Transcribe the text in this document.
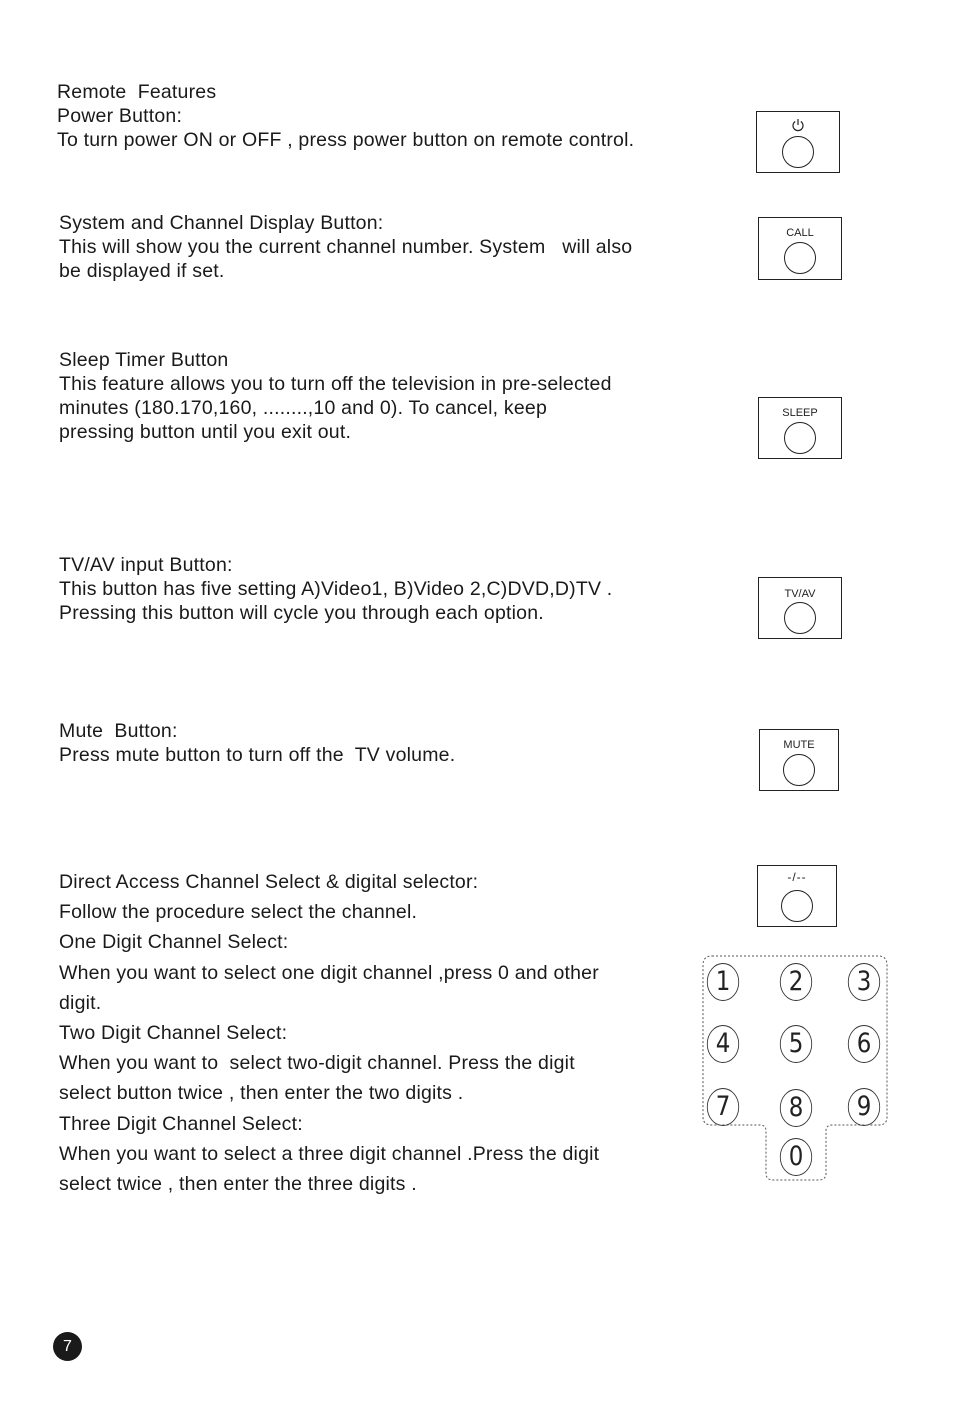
Remote  Features
Power Button:
To turn power ON or OFF , press power button on remote control.
System and Channel Display Button:
This will show you the current channel number. System   will also
be displayed if set.
CALL
Sleep Timer Button
This feature allows you to turn off the television in pre-selected
minutes (180.170,160, ........,10 and 0). To cancel, keep
pressing button until you exit out.
SLEEP
TV/AV input Button:
This button has five setting A)Video1, B)Video 2,C)DVD,D)TV .
Pressing this button will cycle you through each option.
TV/AV
Mute  Button:
Press mute button to turn off the  TV volume.	MUTE
Direct Access Channel Select & digital selector:
Follow the procedure select the channel.
One Digit Channel Select:
When you want to select one digit channel ,press 0 and other
digit.
Two Digit Channel Select:
When you want to  select two-digit channel. Press the digit
select button twice , then enter the two digits .
Three Digit Channel Select:
When you want to select a three digit channel .Press the digit
select twice , then enter the three digits .
-/--
1	2	3
4	5	6
7	8	9
0
7
